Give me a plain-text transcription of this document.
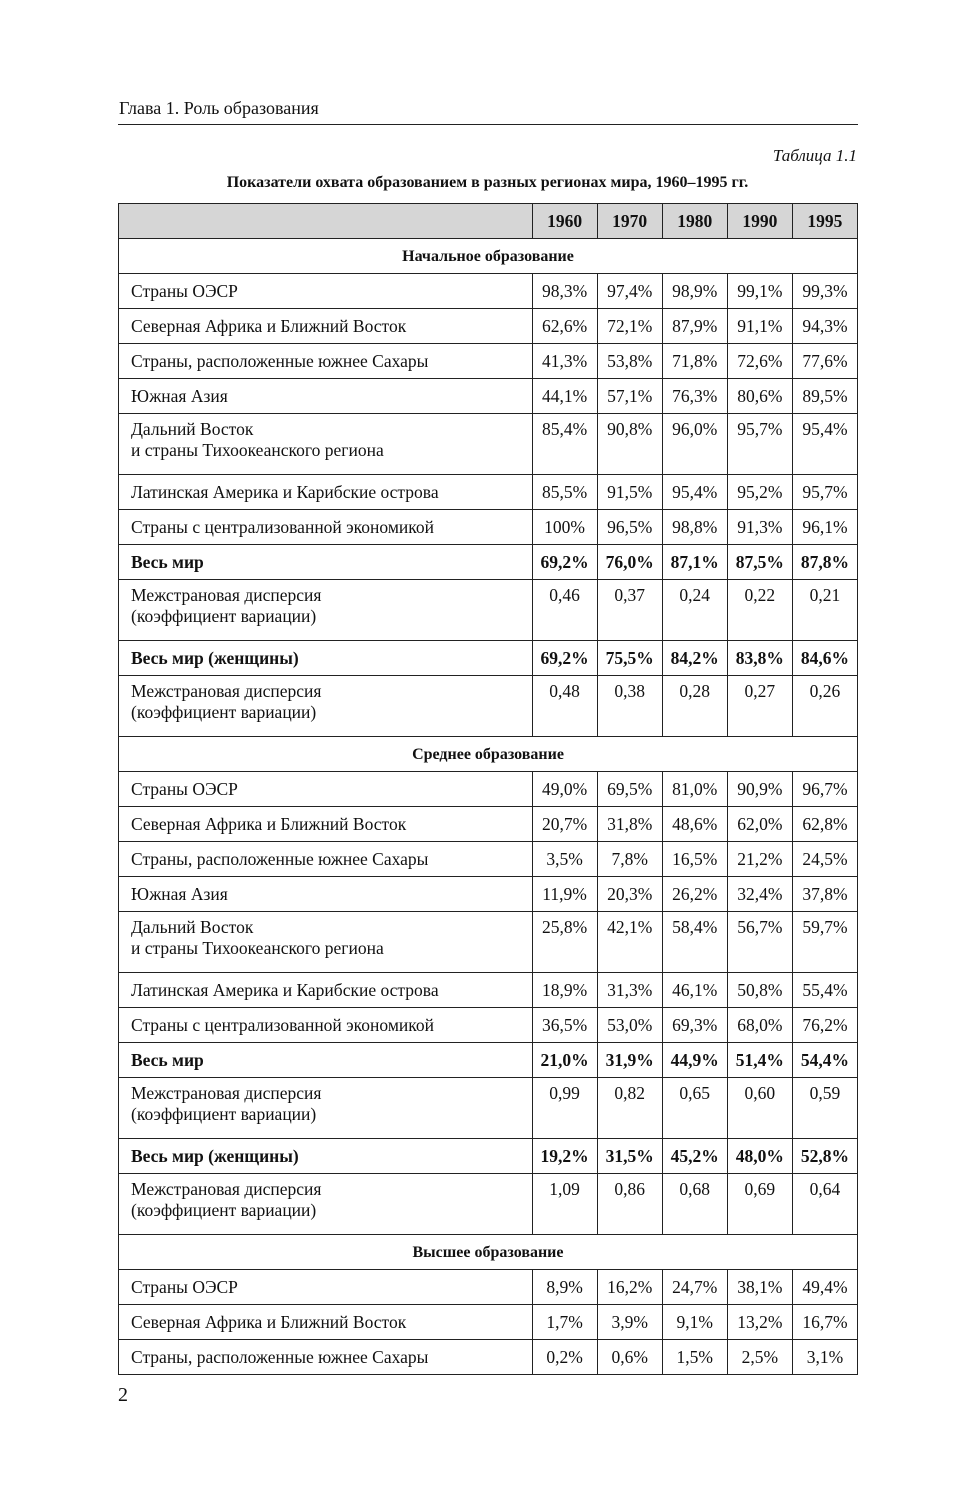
Глава 1. Роль образования
Таблица 1.1
Показатели охвата образованием в разных регионах мира, 1960–1995 гг.
	1960	1970	1980	1990	1995
Начальное образование					
Страны ОЭСР	98,3%	97,4%	98,9%	99,1%	99,3%
Северная Африка и Ближний Восток	62,6%	72,1%	87,9%	91,1%	94,3%
Страны, расположенные южнее Сахары	41,3%	53,8%	71,8%	72,6%	77,6%
Южная Азия	44,1%	57,1%	76,3%	80,6%	89,5%
Дальний Восток
и страны Тихоокеанского региона	85,4%	90,8%	96,0%	95,7%	95,4%
Латинская Америка и Карибские острова	85,5%	91,5%	95,4%	95,2%	95,7%
Страны с централизованной экономикой	100%	96,5%	98,8%	91,3%	96,1%
Весь мир	69,2%	76,0%	87,1%	87,5%	87,8%
Межстрановая дисперсия
(коэффициент вариации)	0,46	0,37	0,24	0,22	0,21
Весь мир (женщины)	69,2%	75,5%	84,2%	83,8%	84,6%
Межстрановая дисперсия
(коэффициент вариации)	0,48	0,38	0,28	0,27	0,26
Среднее образование					
Страны ОЭСР	49,0%	69,5%	81,0%	90,9%	96,7%
Северная Африка и Ближний Восток	20,7%	31,8%	48,6%	62,0%	62,8%
Страны, расположенные южнее Сахары	3,5%	7,8%	16,5%	21,2%	24,5%
Южная Азия	11,9%	20,3%	26,2%	32,4%	37,8%
Дальний Восток
и страны Тихоокеанского региона	25,8%	42,1%	58,4%	56,7%	59,7%
Латинская Америка и Карибские острова	18,9%	31,3%	46,1%	50,8%	55,4%
Страны с централизованной экономикой	36,5%	53,0%	69,3%	68,0%	76,2%
Весь мир	21,0%	31,9%	44,9%	51,4%	54,4%
Межстрановая дисперсия
(коэффициент вариации)	0,99	0,82	0,65	0,60	0,59
Весь мир (женщины)	19,2%	31,5%	45,2%	48,0%	52,8%
Межстрановая дисперсия
(коэффициент вариации)	1,09	0,86	0,68	0,69	0,64
Высшее образование					
Страны ОЭСР	8,9%	16,2%	24,7%	38,1%	49,4%
Северная Африка и Ближний Восток	1,7%	3,9%	9,1%	13,2%	16,7%
Страны, расположенные южнее Сахары	0,2%	0,6%	1,5%	2,5%	3,1%
2
